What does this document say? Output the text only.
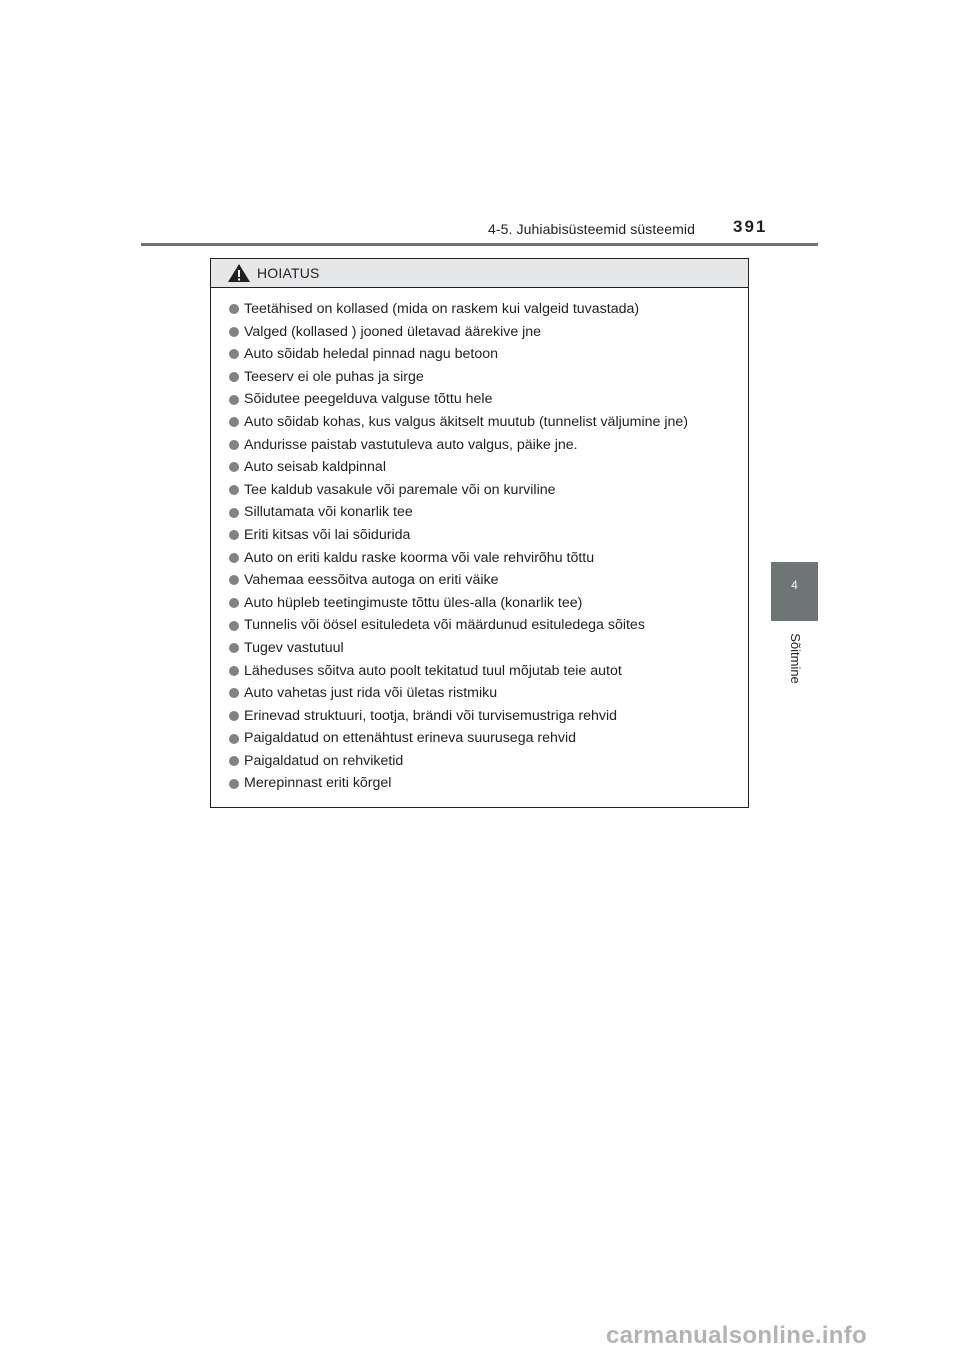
4-5. Juhiabisüsteemid süsteemid 391
4
Sõitmine
HOIATUS
Teetähised on kollased (mida on raskem kui valgeid tuvastada)
Valged (kollased ) jooned ületavad äärekive jne
Auto sõidab heledal pinnad nagu betoon
Teeserv ei ole puhas ja sirge
Sõidutee peegelduva valguse tõttu hele
Auto sõidab kohas, kus valgus äkitselt muutub (tunnelist väljumine jne)
Andurisse paistab vastutuleva auto valgus, päike jne.
Auto seisab kaldpinnal
Tee kaldub vasakule või paremale või on kurviline
Sillutamata või konarlik tee
Eriti kitsas või lai sõidurida
Auto on eriti kaldu raske koorma või vale rehvirõhu tõttu
Vahemaa eessõitva autoga on eriti väike
Auto hüpleb teetingimuste tõttu üles-alla (konarlik tee)
Tunnelis või öösel esituledeta või määrdunud esituledega sõites
Tugev vastutuul
Läheduses sõitva auto poolt tekitatud tuul mõjutab teie autot
Auto vahetas just rida või ületas ristmiku
Erinevad struktuuri, tootja, brändi või turvisemustriga rehvid
Paigaldatud on ettenähtust erineva suurusega rehvid
Paigaldatud on rehviketid
Merepinnast eriti kõrgel
carmanualsonline.info
